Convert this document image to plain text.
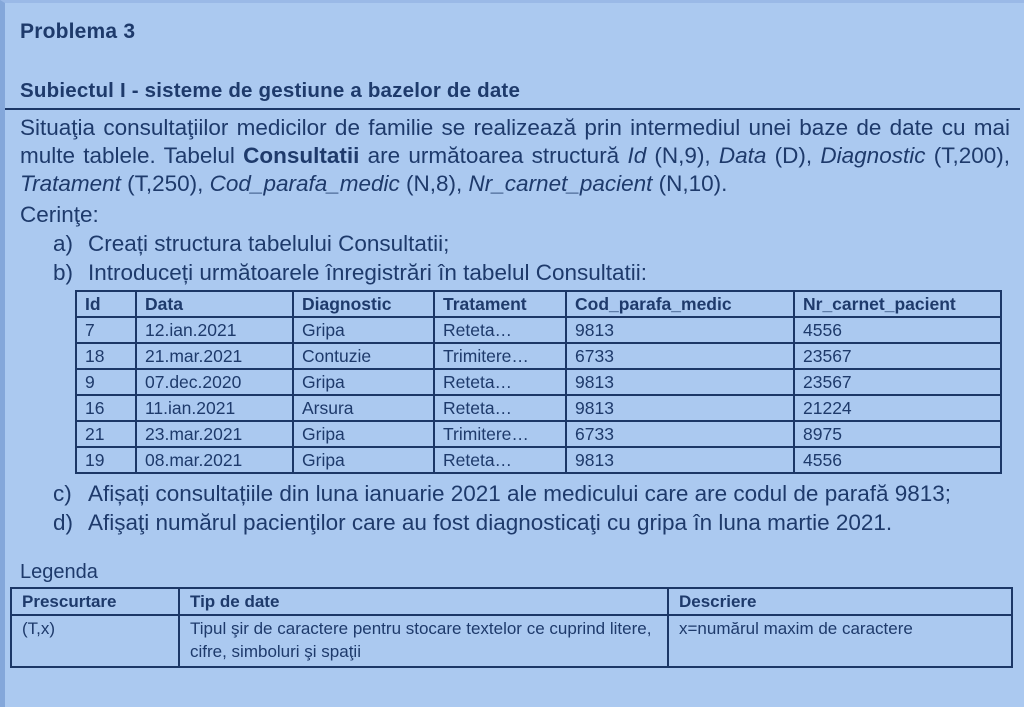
Problema 3
Subiectul I - sisteme de gestiune a bazelor de date

Situaţia consultaţiilor medicilor de familie se realizează prin intermediul unei baze de date cu mai multe tablele. Tabelul Consultatii are următoarea structură Id (N,9), Data (D), Diagnostic (T,200), Tratament (T,250), Cod_parafa_medic (N,8), Nr_carnet_pacient (N,10).

Cerinţe:
a) Creați structura tabelului Consultatii;
b) Introduceți următoarele înregistrări în tabelul Consultatii:
Id	Data	Diagnostic	Tratament	Cod_parafa_medic	Nr_carnet_pacient
7	12.ian.2021	Gripa	Reteta…	9813	4556
18	21.mar.2021	Contuzie	Trimitere…	6733	23567
9	07.dec.2020	Gripa	Reteta…	9813	23567
16	11.ian.2021	Arsura	Reteta…	9813	21224
21	23.mar.2021	Gripa	Trimitere…	6733	8975
19	08.mar.2021	Gripa	Reteta…	9813	4556
c) Afișați consultațiile din luna ianuarie 2021 ale medicului care are codul de parafă 9813;
d) Afişaţi numărul pacienţilor care au fost diagnosticaţi cu gripa în luna martie 2021.
Legenda
Prescurtare	Tip de date	Descriere
(T,x)	Tipul şir de caractere pentru stocare textelor ce cuprind litere, cifre, simboluri şi spaţii	x=numărul maxim de caractere
